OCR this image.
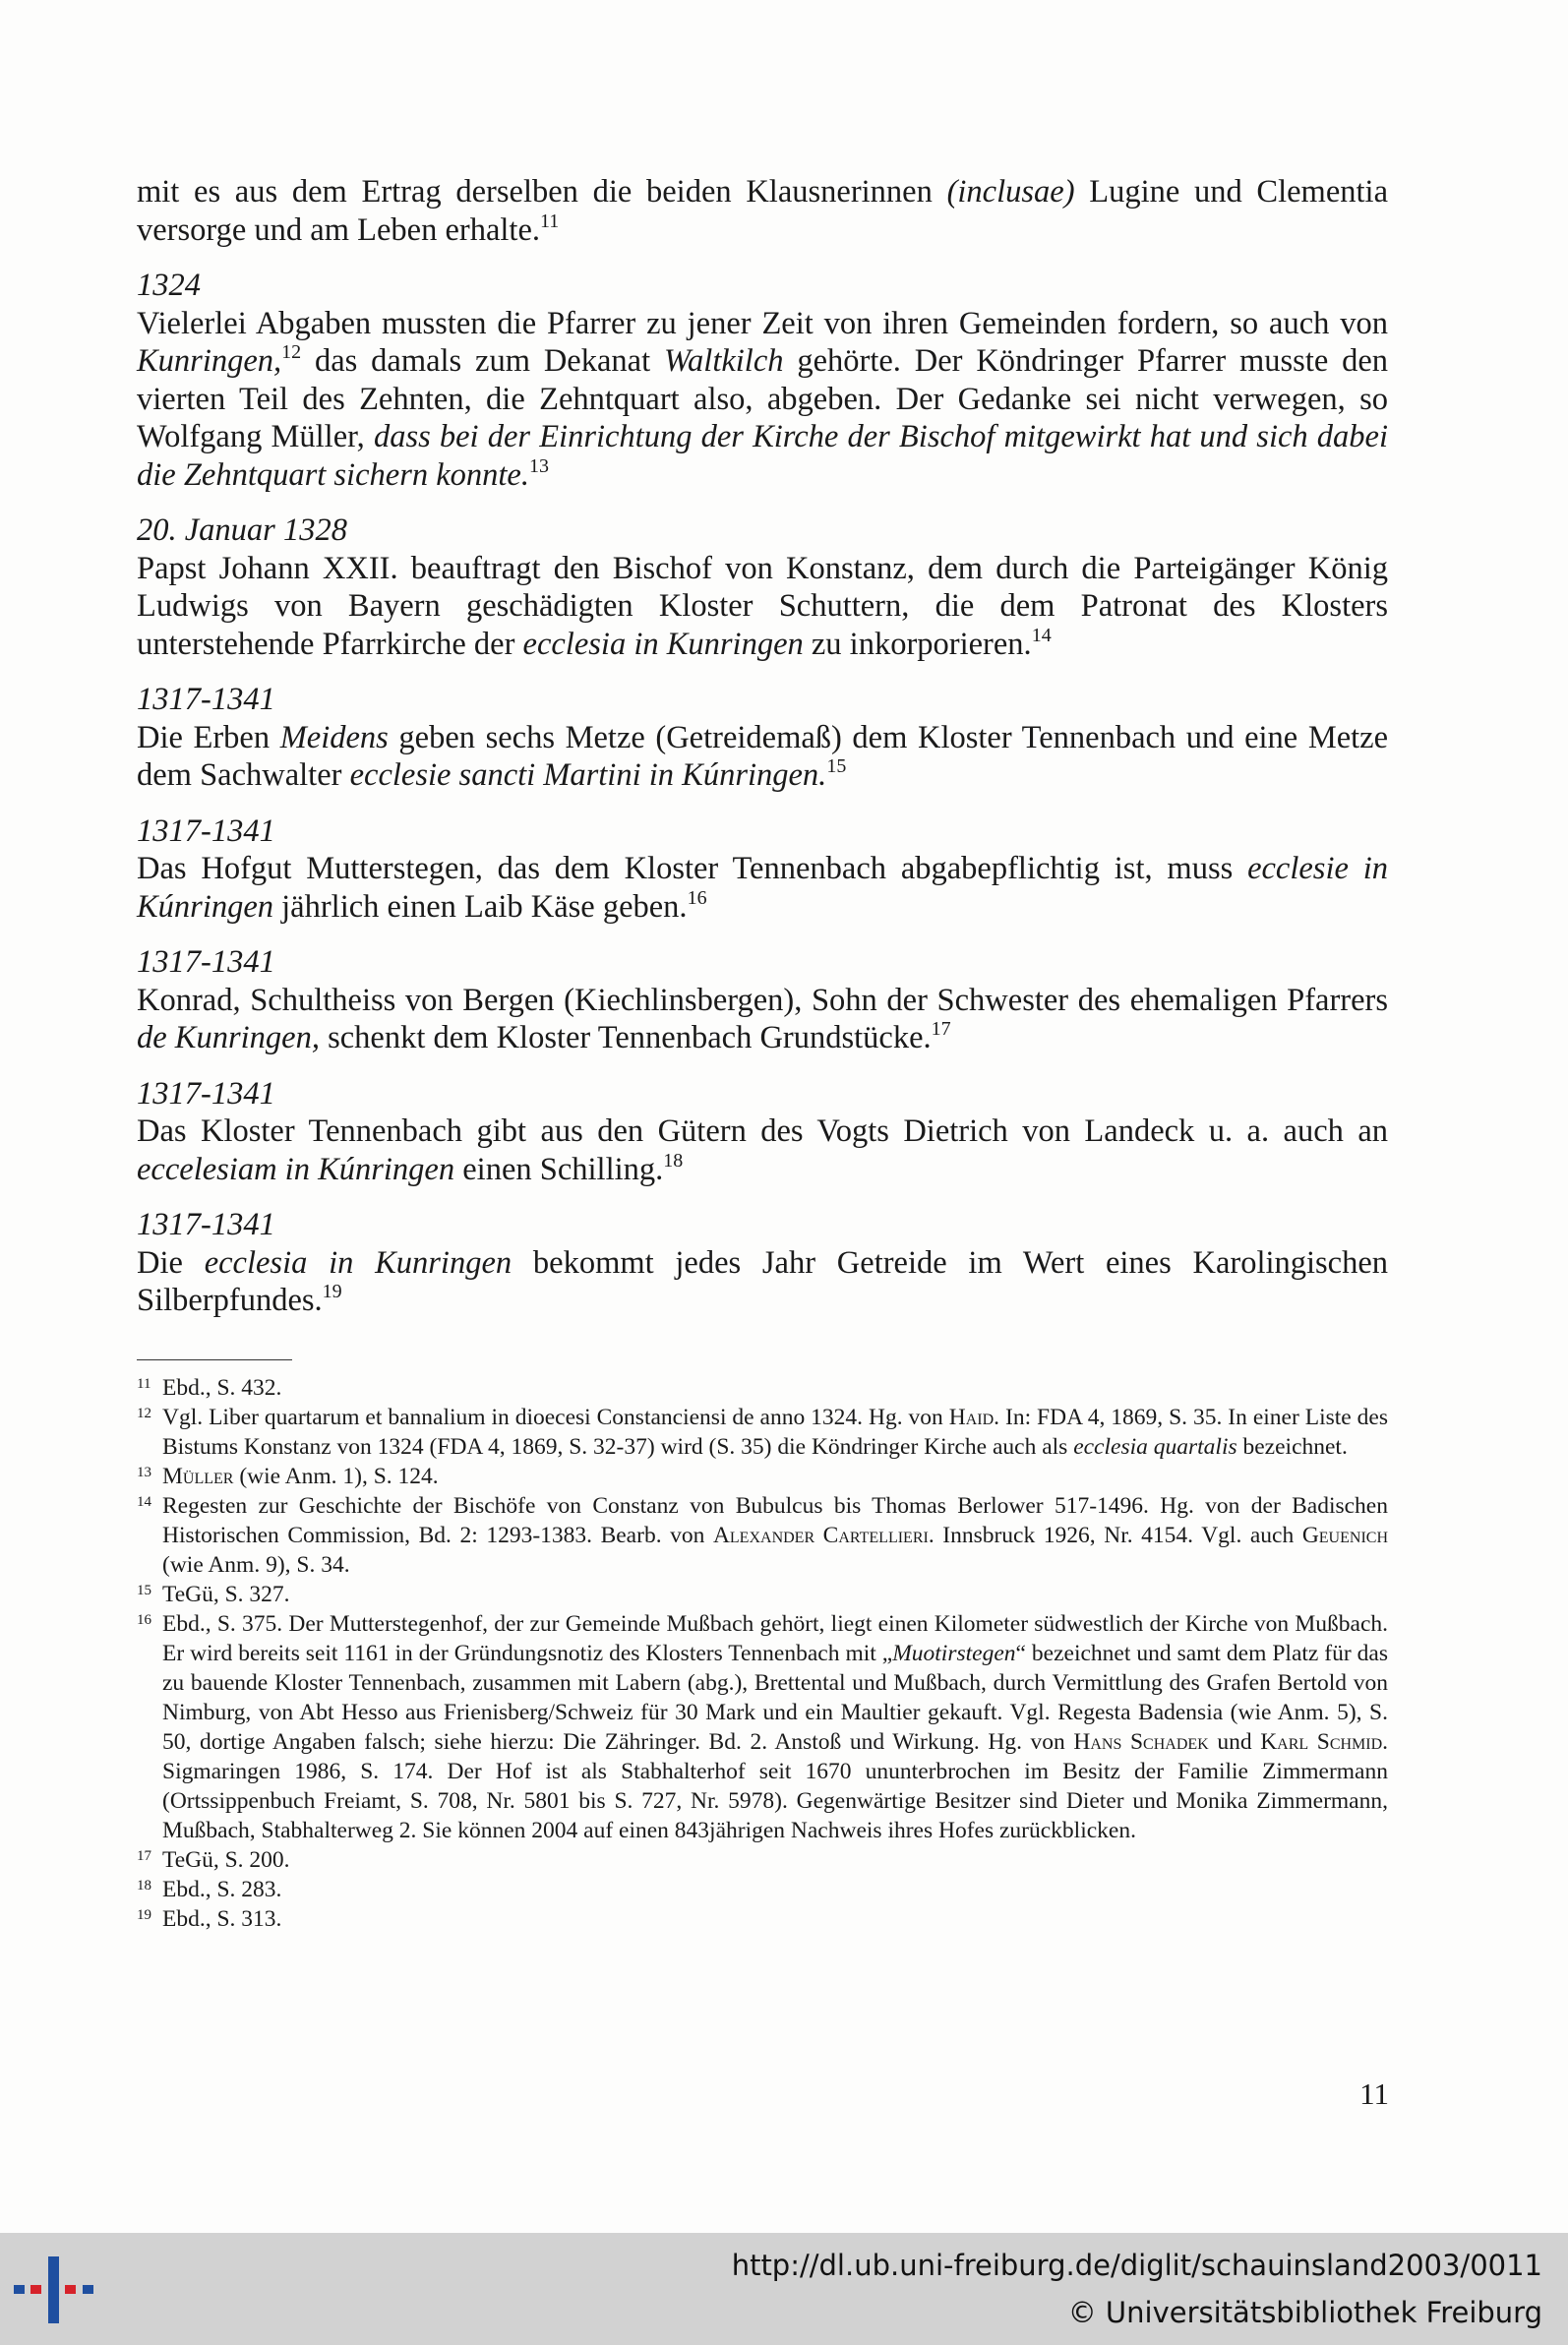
mit es aus dem Ertrag derselben die beiden Klausnerinnen (inclusae) Lugine und Clementia versorge und am Leben erhalte.$^{11}$

1324

Vielerlei Abgaben mussten die Pfarrer zu jener Zeit von ihren Gemeinden fordern, so auch von Kunringen,$^{12}$ das damals zum Dekanat Waltkilch gehörte. Der Köndringer Pfarrer musste den vierten Teil des Zehnten, die Zehntquart also, abgeben. Der Gedanke sei nicht verwegen, so Wolfgang Müller, dass bei der Einrichtung der Kirche der Bischof mitgewirkt hat und sich dabei die Zehntquart sichern konnte.$^{13}$

20. Januar 1328

Papst Johann XXII. beauftragt den Bischof von Konstanz, dem durch die Parteigänger König Ludwigs von Bayern geschädigten Kloster Schuttern, die dem Patronat des Klosters unterstehende Pfarrkirche der ecclesia in Kunringen zu inkorporieren.$^{14}$

1317-1341

Die Erben Meidens geben sechs Metze (Getreidemaß) dem Kloster Tennenbach und eine Metze dem Sachwalter ecclesie sancti Martini in Kúnringen.$^{15}$

1317-1341

Das Hofgut Mutterstegen, das dem Kloster Tennenbach abgabepflichtig ist, muss ecclesie in Kúnringen jährlich einen Laib Käse geben.$^{16}$

1317-1341

Konrad, Schultheiss von Bergen (Kiechlinsbergen), Sohn der Schwester des ehemaligen Pfarrers de Kunringen, schenkt dem Kloster Tennenbach Grundstücke.$^{17}$

1317-1341

Das Kloster Tennenbach gibt aus den Gütern des Vogts Dietrich von Landeck u. a. auch an eccelesiam in Kúnringen einen Schilling.$^{18}$

1317-1341

Die ecclesia in Kunringen bekommt jedes Jahr Getreide im Wert eines Karolingischen Silberpfundes.$^{19}$

11 Ebd., S. 432.
12 Vgl. Liber quartarum et bannalium in dioecesi Constanciensi de anno 1324. Hg. von Haid. In: FDA 4, 1869, S. 35. In einer Liste des Bistums Konstanz von 1324 (FDA 4, 1869, S. 32-37) wird (S. 35) die Köndringer Kirche auch als ecclesia quartalis bezeichnet.
13 Müller (wie Anm. 1), S. 124.
14 Regesten zur Geschichte der Bischöfe von Constanz von Bubulcus bis Thomas Berlower 517-1496. Hg. von der Badischen Historischen Commission, Bd. 2: 1293-1383. Bearb. von Alexander Cartellieri. Innsbruck 1926, Nr. 4154. Vgl. auch Geuenich (wie Anm. 9), S. 34.
15 TeGü, S. 327.
16 Ebd., S. 375. Der Mutterstegenhof, der zur Gemeinde Mußbach gehört, liegt einen Kilometer südwestlich der Kirche von Mußbach. Er wird bereits seit 1161 in der Gründungsnotiz des Klosters Tennenbach mit „Muotirstegen“ bezeichnet und samt dem Platz für das zu bauende Kloster Tennenbach, zusammen mit Labern (abg.), Brettental und Mußbach, durch Vermittlung des Grafen Bertold von Nimburg, von Abt Hesso aus Frienisberg/Schweiz für 30 Mark und ein Maultier gekauft. Vgl. Regesta Badensia (wie Anm. 5), S. 50, dortige Angaben falsch; siehe hierzu: Die Zähringer. Bd. 2. Anstoß und Wirkung. Hg. von Hans Schadek und Karl Schmid. Sigmaringen 1986, S. 174. Der Hof ist als Stabhalterhof seit 1670 ununterbrochen im Besitz der Familie Zimmermann (Ortssippenbuch Freiamt, S. 708, Nr. 5801 bis S. 727, Nr. 5978). Gegenwärtige Besitzer sind Dieter und Monika Zimmermann, Mußbach, Stabhalterweg 2. Sie können 2004 auf einen 843jährigen Nachweis ihres Hofes zurückblicken.
17 TeGü, S. 200.
18 Ebd., S. 283.
19 Ebd., S. 313.
11
http://dl.ub.uni-freiburg.de/diglit/schauinsland2003/0011
© Universitätsbibliothek Freiburg
